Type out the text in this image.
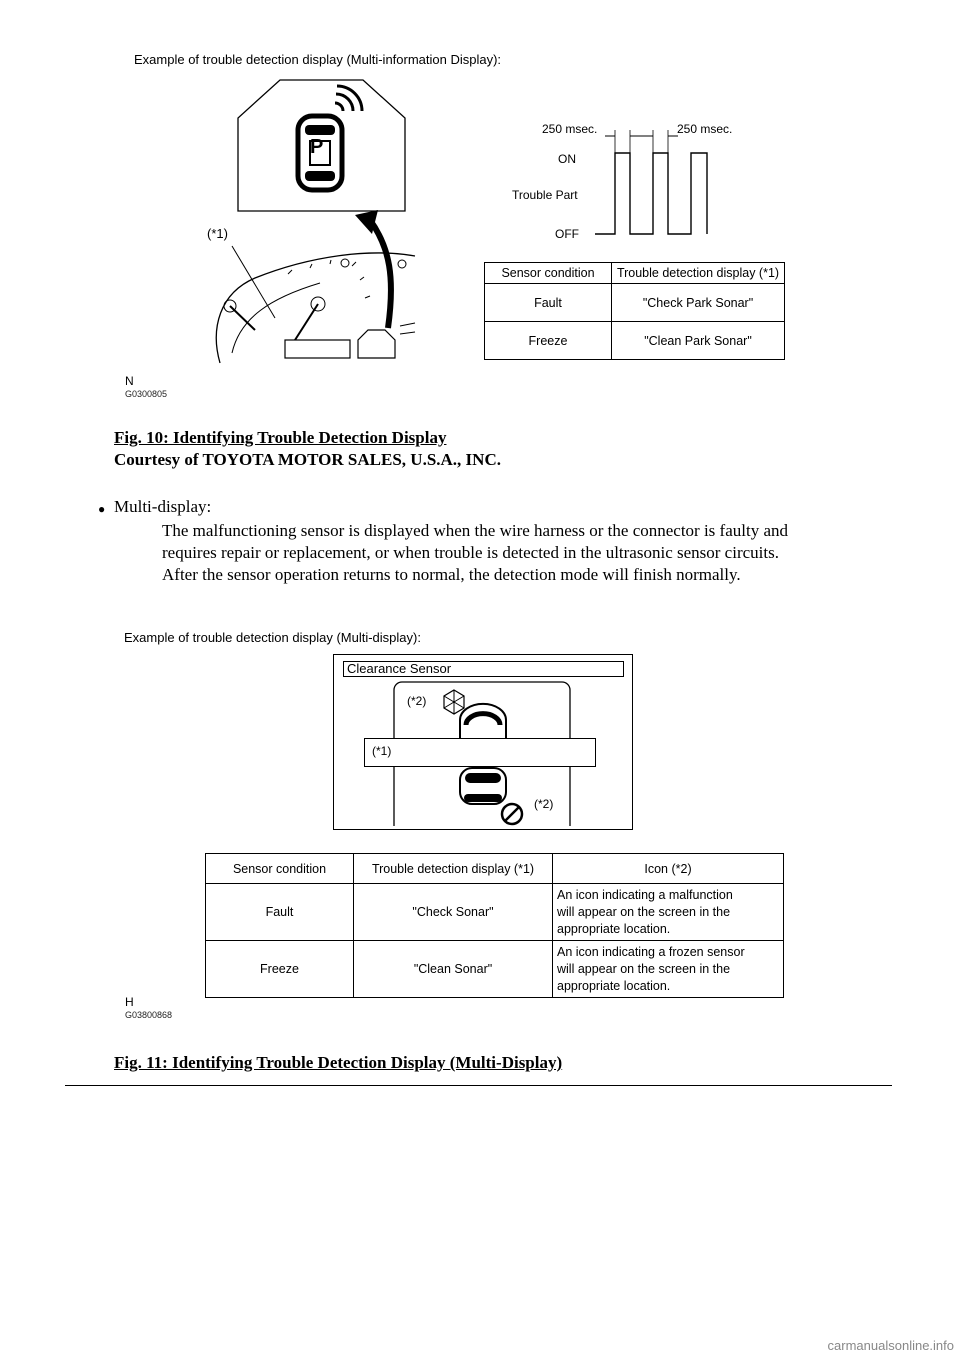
Example of trouble detection display (Multi-information Display):
(*1)
P
250 msec.	250 msec.
ON
Trouble Part
OFF
Sensor condition	Trouble detection display (*1)
Fault	"Check Park Sonar"
Freeze	"Clean Park Sonar"
N
G0300805
Fig. 10: Identifying Trouble Detection Display
Courtesy of TOYOTA MOTOR SALES, U.S.A., INC.
● Multi-display:
The malfunctioning sensor is displayed when the wire harness or the connector is faulty and
requires repair or replacement, or when trouble is detected in the ultrasonic sensor circuits.
After the sensor operation returns to normal, the detection mode will finish normally.
Example of trouble detection display (Multi-display):
Clearance Sensor
(*2)
(*1)
(*2)
Sensor condition	Trouble detection display (*1)	Icon (*2)
Fault	"Check Sonar"	An icon indicating a malfunction
will appear on the screen in the
appropriate location.

Freeze	"Clean Sonar"	An icon indicating a frozen sensor
will appear on the screen in the
appropriate location.
H
G03800868
Fig. 11: Identifying Trouble Detection Display (Multi-Display)
carmanualsonline.info
